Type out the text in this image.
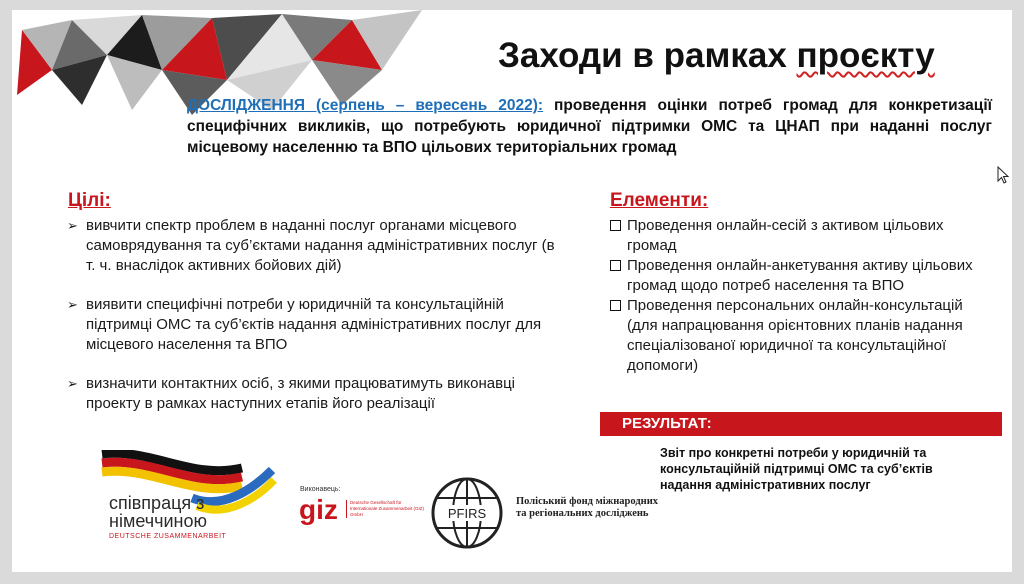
Заходи в рамках проєкту
ДОСЛІДЖЕННЯ (серпень – вересень 2022): проведення оцінки потреб громад для конкретизації специфічних викликів, що потребують юридичної підтримки ОМС та ЦНАП при наданні послуг місцевому населенню та ВПО цільових територіальних громад
Цілі:
➢ вивчити спектр проблем в наданні послуг органами місцевого самоврядування та суб’єктами надання адміністративних послуг (в т. ч. внаслідок активних бойових дій)
➢ виявити специфічні потреби у юридичній та консультаційній підтримці ОМС та суб’єктів надання адміністративних послуг для місцевого населення та ВПО
➢ визначити контактних осіб, з якими працюватимуть виконавці проекту в рамках наступних етапів його реалізації
Елементи:
Проведення онлайн-сесій з активом цільових громад
Проведення онлайн-анкетування активу цільових громад щодо потреб населення та ВПО
Проведення персональних онлайн-консультацій (для напрацювання орієнтовних планів надання спеціалізованої юридичної та консультаційної допомоги)
РЕЗУЛЬТАТ:
Звіт про конкретні потреби у юридичній та консультаційній підтримці ОМС та суб’єктів надання адміністративних послуг
співпраця з
німеччиною
DEUTSCHE ZUSAMMENARBEIT
Виконавець:
giz	Deutsche Gesellschaft für Internationale Zusammenarbeit (GIZ) GmbH	PFIRS
Поліський фонд міжнародних та регіональних досліджень
